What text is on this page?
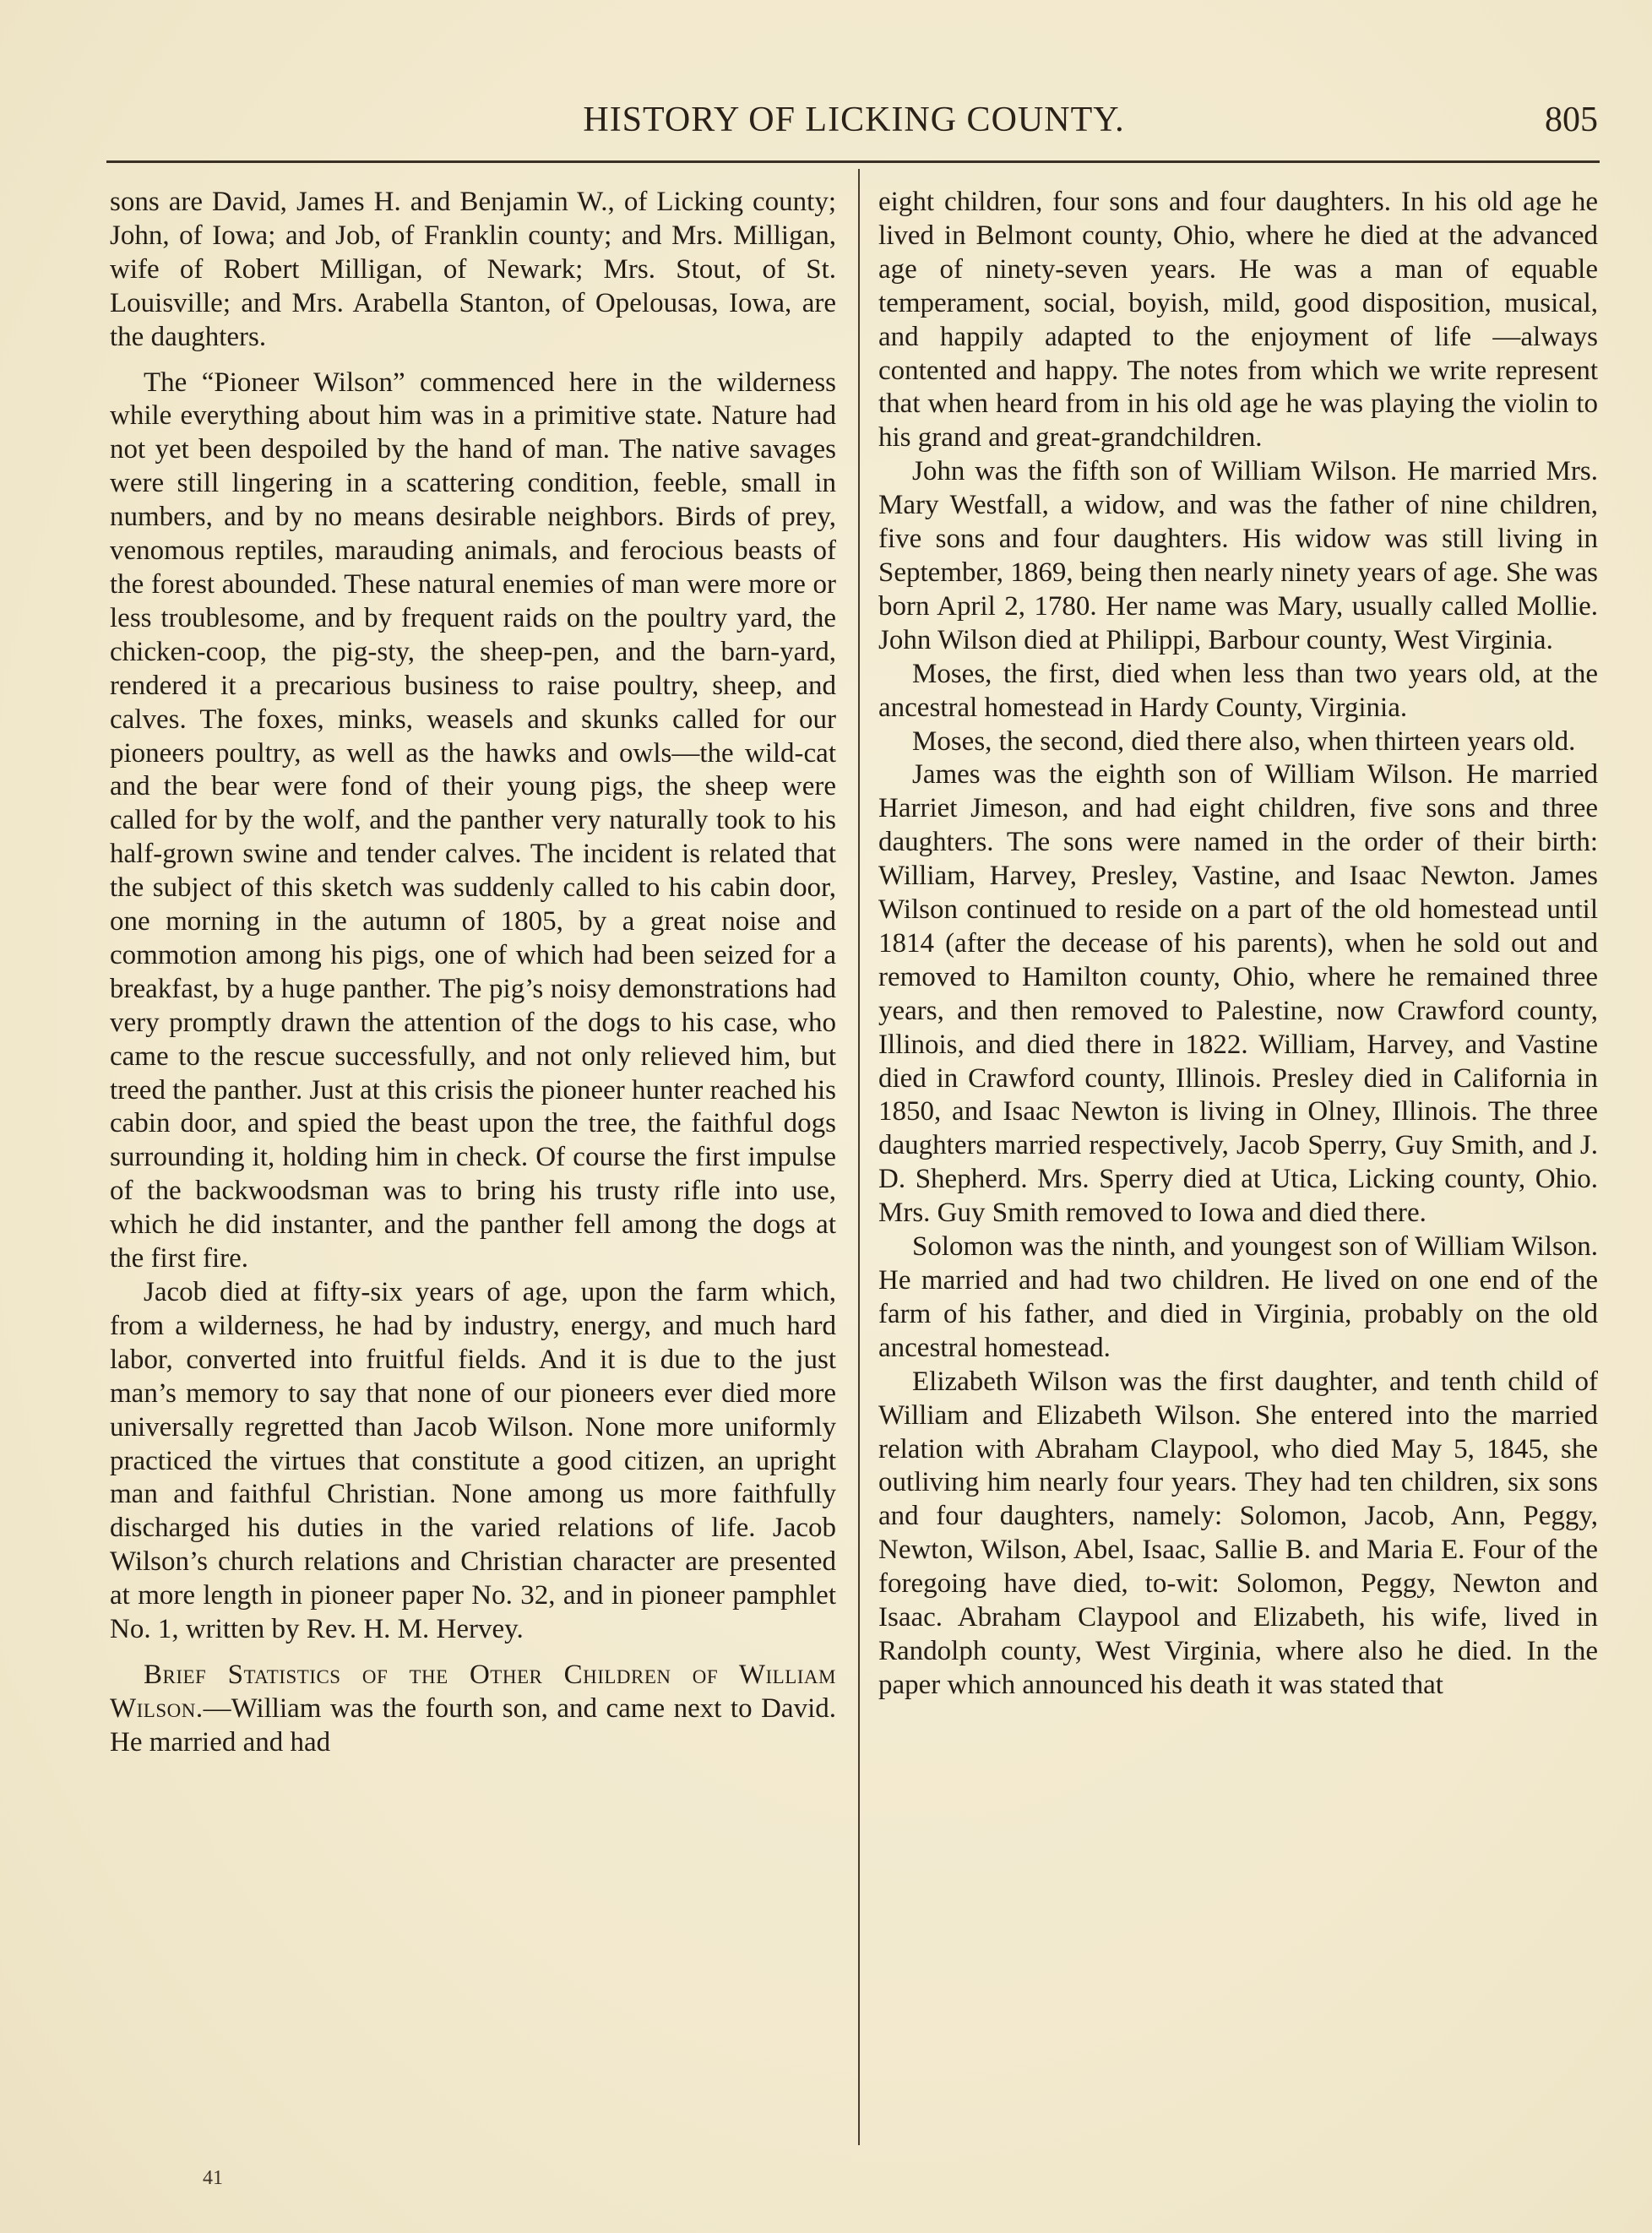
HISTORY OF LICKING COUNTY.	805

sons are David, James H. and Benjamin W., of Licking county; John, of Iowa; and Job, of Franklin county; and Mrs. Milligan, wife of Robert Milligan, of Newark; Mrs. Stout, of St. Louisville; and Mrs. Arabella Stanton, of Opelousas, Iowa, are the daughters.

The “Pioneer Wilson” commenced here in the wilderness while everything about him was in a primitive state. Nature had not yet been despoiled by the hand of man. The native savages were still lingering in a scattering condition, feeble, small in numbers, and by no means desirable neighbors. Birds of prey, venomous reptiles, marauding animals, and ferocious beasts of the forest abounded. These natural enemies of man were more or less troublesome, and by frequent raids on the poultry yard, the chicken-coop, the pig-sty, the sheep-pen, and the barn-yard, rendered it a precarious business to raise poultry, sheep, and calves. The foxes, minks, weasels and skunks called for our pioneers poultry, as well as the hawks and owls—the wild-cat and the bear were fond of their young pigs, the sheep were called for by the wolf, and the panther very naturally took to his half-grown swine and tender calves. The incident is related that the subject of this sketch was suddenly called to his cabin door, one morning in the autumn of 1805, by a great noise and commotion among his pigs, one of which had been seized for a breakfast, by a huge panther. The pig’s noisy demonstrations had very promptly drawn the attention of the dogs to his case, who came to the rescue successfully, and not only relieved him, but treed the panther. Just at this crisis the pioneer hunter reached his cabin door, and spied the beast upon the tree, the faithful dogs surrounding it, holding him in check. Of course the first impulse of the backwoodsman was to bring his trusty rifle into use, which he did instanter, and the panther fell among the dogs at the first fire.

Jacob died at fifty-six years of age, upon the farm which, from a wilderness, he had by industry, energy, and much hard labor, converted into fruitful fields. And it is due to the just man’s memory to say that none of our pioneers ever died more universally regretted than Jacob Wilson. None more uniformly practiced the virtues that constitute a good citizen, an upright man and faithful Christian. None among us more faithfully discharged his duties in the varied relations of life. Jacob Wilson’s church relations and Christian character are presented at more length in pioneer paper No. 32, and in pioneer pamphlet No. 1, written by Rev. H. M. Hervey.

Brief Statistics of the Other Children of William Wilson.—William was the fourth son, and came next to David. He married and had

eight children, four sons and four daughters. In his old age he lived in Belmont county, Ohio, where he died at the advanced age of ninety-seven years. He was a man of equable temperament, social, boyish, mild, good disposition, musical, and happily adapted to the enjoyment of life —always contented and happy. The notes from which we write represent that when heard from in his old age he was playing the violin to his grand and great-grandchildren.

John was the fifth son of William Wilson. He married Mrs. Mary Westfall, a widow, and was the father of nine children, five sons and four daughters. His widow was still living in September, 1869, being then nearly ninety years of age. She was born April 2, 1780. Her name was Mary, usually called Mollie. John Wilson died at Philippi, Barbour county, West Virginia.

Moses, the first, died when less than two years old, at the ancestral homestead in Hardy County, Virginia.

Moses, the second, died there also, when thirteen years old.

James was the eighth son of William Wilson. He married Harriet Jimeson, and had eight children, five sons and three daughters. The sons were named in the order of their birth: William, Harvey, Presley, Vastine, and Isaac Newton. James Wilson continued to reside on a part of the old homestead until 1814 (after the decease of his parents), when he sold out and removed to Hamilton county, Ohio, where he remained three years, and then removed to Palestine, now Crawford county, Illinois, and died there in 1822. William, Harvey, and Vastine died in Crawford county, Illinois. Presley died in California in 1850, and Isaac Newton is living in Olney, Illinois. The three daughters married respectively, Jacob Sperry, Guy Smith, and J. D. Shepherd. Mrs. Sperry died at Utica, Licking county, Ohio. Mrs. Guy Smith removed to Iowa and died there.

Solomon was the ninth, and youngest son of William Wilson. He married and had two children. He lived on one end of the farm of his father, and died in Virginia, probably on the old ancestral homestead.

Elizabeth Wilson was the first daughter, and tenth child of William and Elizabeth Wilson. She entered into the married relation with Abraham Claypool, who died May 5, 1845, she outliving him nearly four years. They had ten children, six sons and four daughters, namely: Solomon, Jacob, Ann, Peggy, Newton, Wilson, Abel, Isaac, Sallie B. and Maria E. Four of the foregoing have died, to-wit: Solomon, Peggy, Newton and Isaac. Abraham Claypool and Elizabeth, his wife, lived in Randolph county, West Virginia, where also he died. In the paper which announced his death it was stated that

41
